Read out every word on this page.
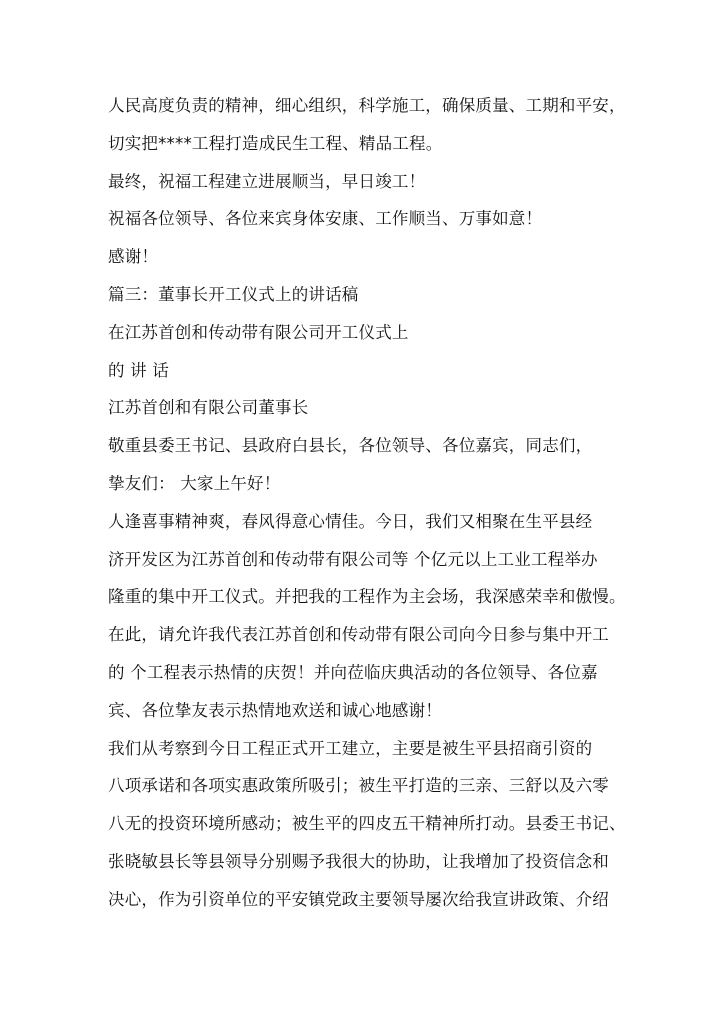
人民高度负责的精神，细心组织，科学施工，确保质量、工期和平安，
切实把****工程打造成民生工程、精品工程。
最终，祝福工程建立进展顺当，早日竣工！
祝福各位领导、各位来宾身体安康、工作顺当、万事如意！
感谢！
篇三：董事长开工仪式上的讲话稿
在江苏首创和传动带有限公司开工仪式上
的 讲 话
江苏首创和有限公司董事长
敬重县委王书记、县政府白县长，各位领导、各位嘉宾，同志们，
挚友们： 大家上午好！
人逢喜事精神爽，春风得意心情佳。今日，我们又相聚在生平县经
济开发区为江苏首创和传动带有限公司等 个亿元以上工业工程举办
隆重的集中开工仪式。并把我的工程作为主会场，我深感荣幸和傲慢。
在此，请允许我代表江苏首创和传动带有限公司向今日参与集中开工
的 个工程表示热情的庆贺！并向莅临庆典活动的各位领导、各位嘉
宾、各位挚友表示热情地欢送和诚心地感谢！
我们从考察到今日工程正式开工建立，主要是被生平县招商引资的
八项承诺和各项实惠政策所吸引；被生平打造的三亲、三舒以及六零
八无的投资环境所感动；被生平的四皮五干精神所打动。县委王书记、
张晓敏县长等县领导分别赐予我很大的协助，让我增加了投资信念和
决心，作为引资单位的平安镇党政主要领导屡次给我宣讲政策、介绍
